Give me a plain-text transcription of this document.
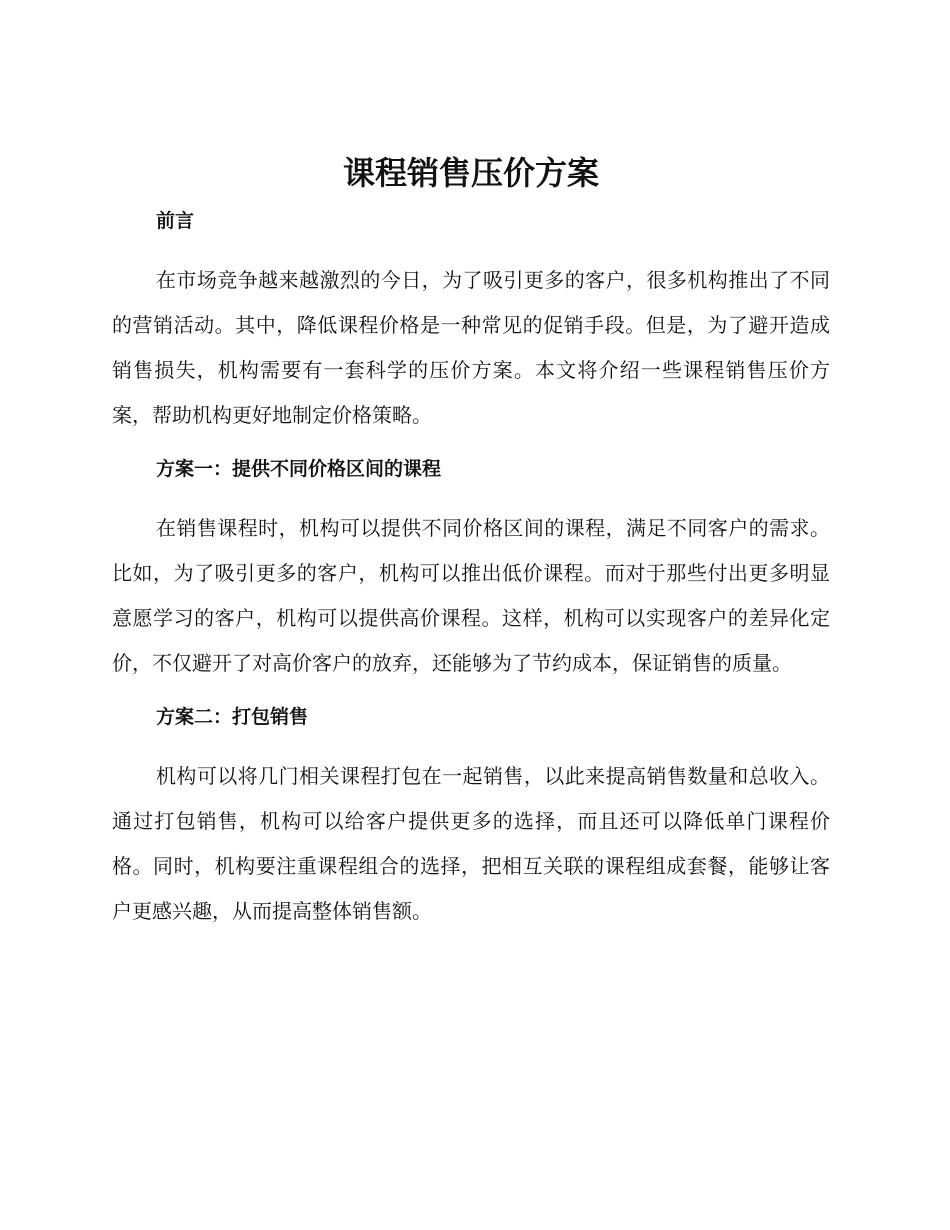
课程销售压价方案
前言

在市场竞争越来越激烈的今日，为了吸引更多的客户，很多机构推出了不同的营销活动。其中，降低课程价格是一种常见的促销手段。但是，为了避开造成销售损失，机构需要有一套科学的压价方案。本文将介绍一些课程销售压价方案，帮助机构更好地制定价格策略。

方案一：提供不同价格区间的课程

在销售课程时，机构可以提供不同价格区间的课程，满足不同客户的需求。比如，为了吸引更多的客户，机构可以推出低价课程。而对于那些付出更多明显意愿学习的客户，机构可以提供高价课程。这样，机构可以实现客户的差异化定价，不仅避开了对高价客户的放弃，还能够为了节约成本，保证销售的质量。

方案二：打包销售

机构可以将几门相关课程打包在一起销售，以此来提高销售数量和总收入。通过打包销售，机构可以给客户提供更多的选择，而且还可以降低单门课程价格。同时，机构要注重课程组合的选择，把相互关联的课程组成套餐，能够让客户更感兴趣，从而提高整体销售额。
